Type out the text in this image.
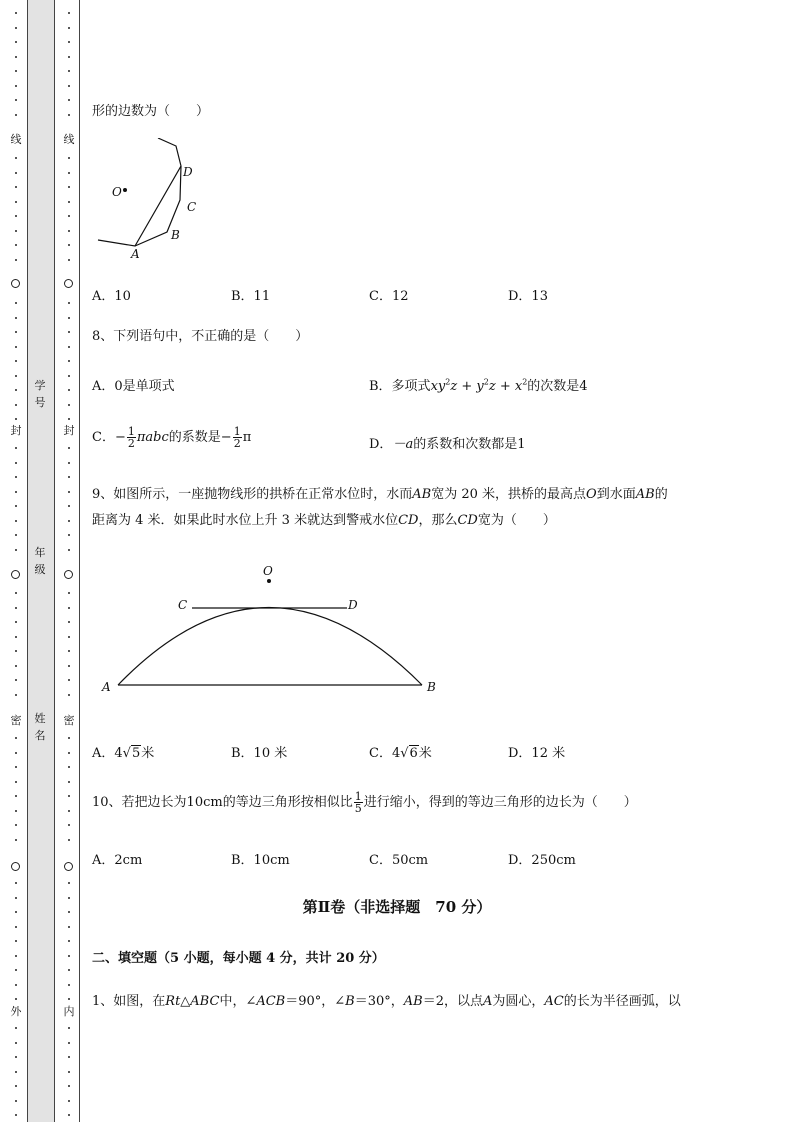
线
封
密
外
线
封
密
内
学
号
年
级
姓
名
形的边数为（　　）
O
D
C
B
A
A．10	B．11	C．12	D．13
8、下列语句中，不正确的是（　　）
A．0是单项式	B．多项式$xy^2z + y^2z + x^2$的次数是4
C．− $\frac{1}{2}$ πabc的系数是− $\frac{1}{2}$ π	D．－a的系数和次数都是1
9、如图所示，一座抛物线形的拱桥在正常水位时，水而AB宽为 20 米，拱桥的最高点O到水面AB的
距离为 4 米．如果此时水位上升 3 米就达到警戒水位CD，那么CD宽为（　　）
O
C	D
A	B
A．4√5米	B．10 米	C．4√6米	D．12 米
10、若把边长为10cm的等边三角形按相似比 $\frac{1}{5}$ 进行缩小，得到的等边三角形的边长为（　　）
A．2cm	B．10cm	C．50cm	D．250cm
第Ⅱ卷（非选择题　70 分）
二、填空题（5 小题，每小题 4 分，共计 20 分）
1、如图，在Rt△ABC中，∠ACB＝90°，∠B＝30°，AB＝2，以点A为圆心，AC的长为半径画弧，以
